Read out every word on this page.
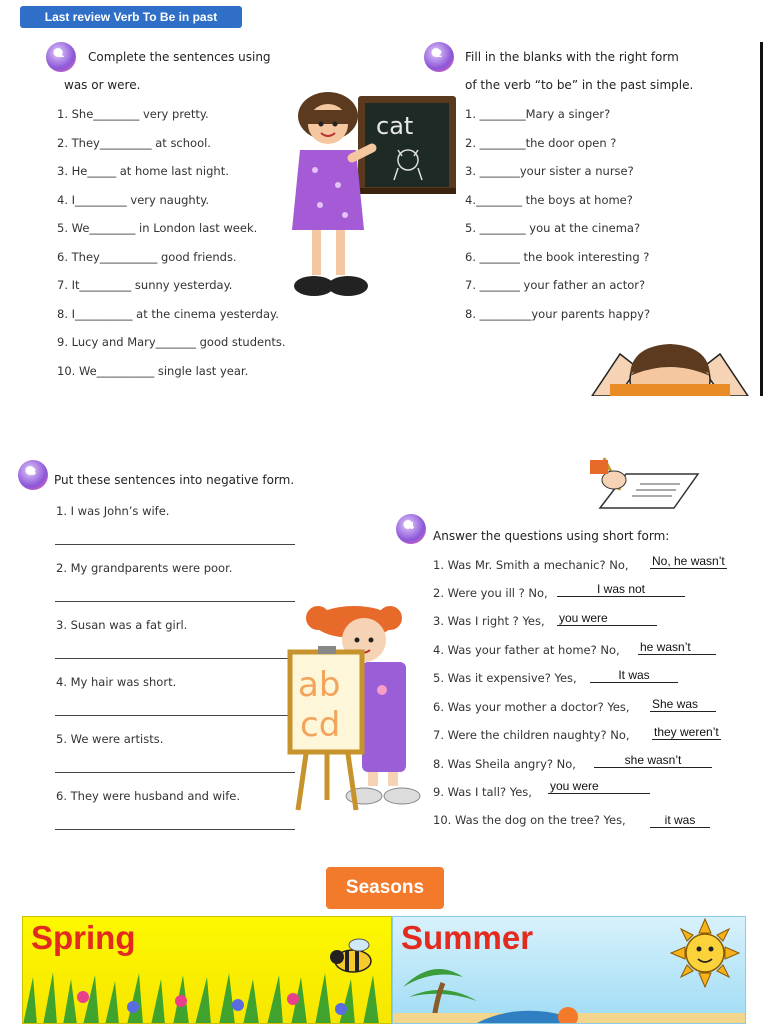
Last review Verb To Be in past
1	Complete the sentences using
was or were.
1. She________ very pretty.
2. They_________ at school.
3. He_____ at home last night.
4. I_________ very naughty.
5. We________ in London last week.
6. They__________ good friends.
7. It_________ sunny yesterday.
8. I__________ at the cinema yesterday.
9. Lucy and Mary_______ good students.
10. We__________ single last year.
cat
2	Fill in the blanks with the right form
of the verb “to be” in the past simple.
1. ________Mary a singer?
2. ________the door open ?
3. _______your sister a nurse?
4.________ the boys at home?
5. ________ you at the cinema?
6. _______ the book interesting ?
7. _______ your father an actor?
8. _________your parents happy?
3
Put these sentences into negative form.
1. I was John’s wife.
2. My grandparents were poor.
3. Susan was a fat girl.
4. My hair was short.
5. We were artists.
6. They were husband and wife.
ab
cd
4
Answer the questions using short form:
1. Was Mr. Smith a mechanic? No, No, he wasn’t
2. Were you ill ? No,	I was not
3. Was I right ? Yes, you were
4. Was your father at home? No, he wasn’t
5. Was it expensive? Yes,	It was
6. Was your mother a doctor? Yes, She was
7. Were the children naughty? No, they weren’t
8. Was Sheila angry? No,	she wasn’t
9. Was I tall? Yes, you were
10. Was the dog on the tree? Yes,	it was
Seasons
Spring	Summer
